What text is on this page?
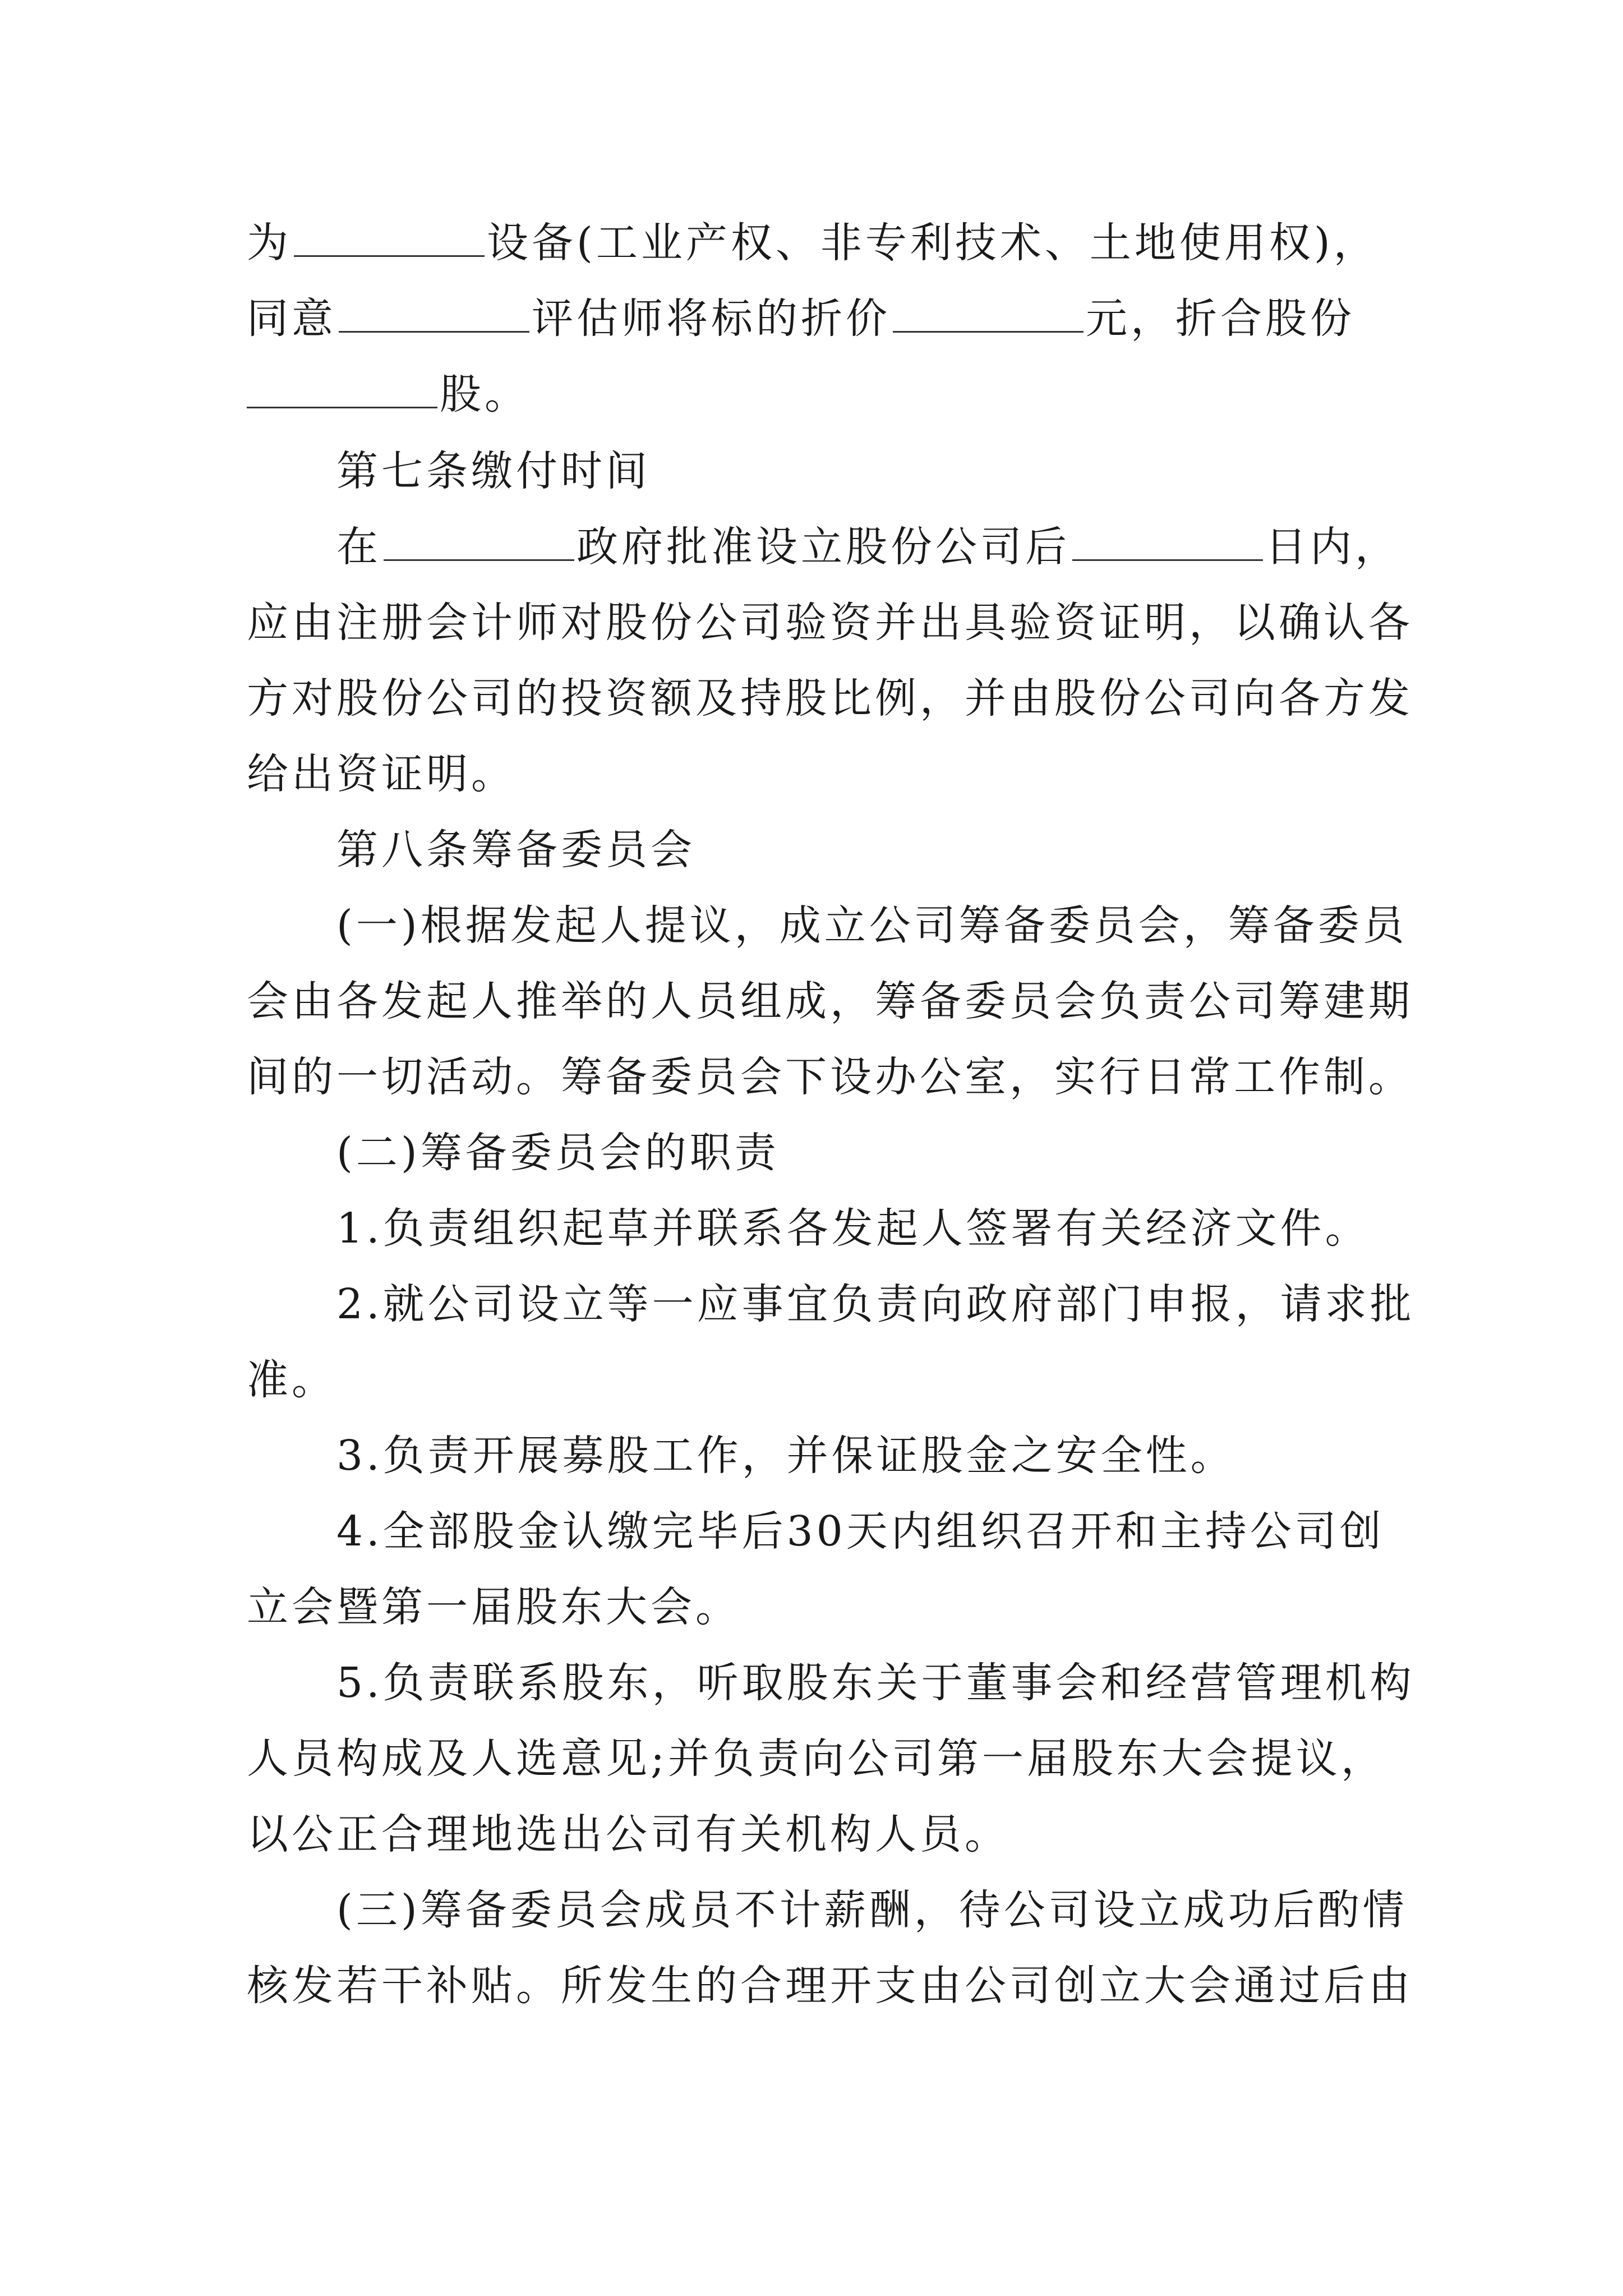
为	设备(工业产权、非专利技术、土地使用权)，
同意	评估师将标的折价	元，折合股份
股。
第七条缴付时间
在	政府批准设立股份公司后	日内，
应由注册会计师对股份公司验资并出具验资证明，以确认各
方对股份公司的投资额及持股比例，并由股份公司向各方发
给出资证明。
第八条筹备委员会
(一)根据发起人提议，成立公司筹备委员会，筹备委员
会由各发起人推举的人员组成，筹备委员会负责公司筹建期
间的一切活动。筹备委员会下设办公室，实行日常工作制。
(二)筹备委员会的职责
1.负责组织起草并联系各发起人签署有关经济文件。
2.就公司设立等一应事宜负责向政府部门申报，请求批
准。
3.负责开展募股工作，并保证股金之安全性。
4.全部股金认缴完毕后30天内组织召开和主持公司创
立会暨第一届股东大会。
5.负责联系股东，听取股东关于董事会和经营管理机构
人员构成及人选意见;并负责向公司第一届股东大会提议，
以公正合理地选出公司有关机构人员。
(三)筹备委员会成员不计薪酬，待公司设立成功后酌情
核发若干补贴。所发生的合理开支由公司创立大会通过后由
